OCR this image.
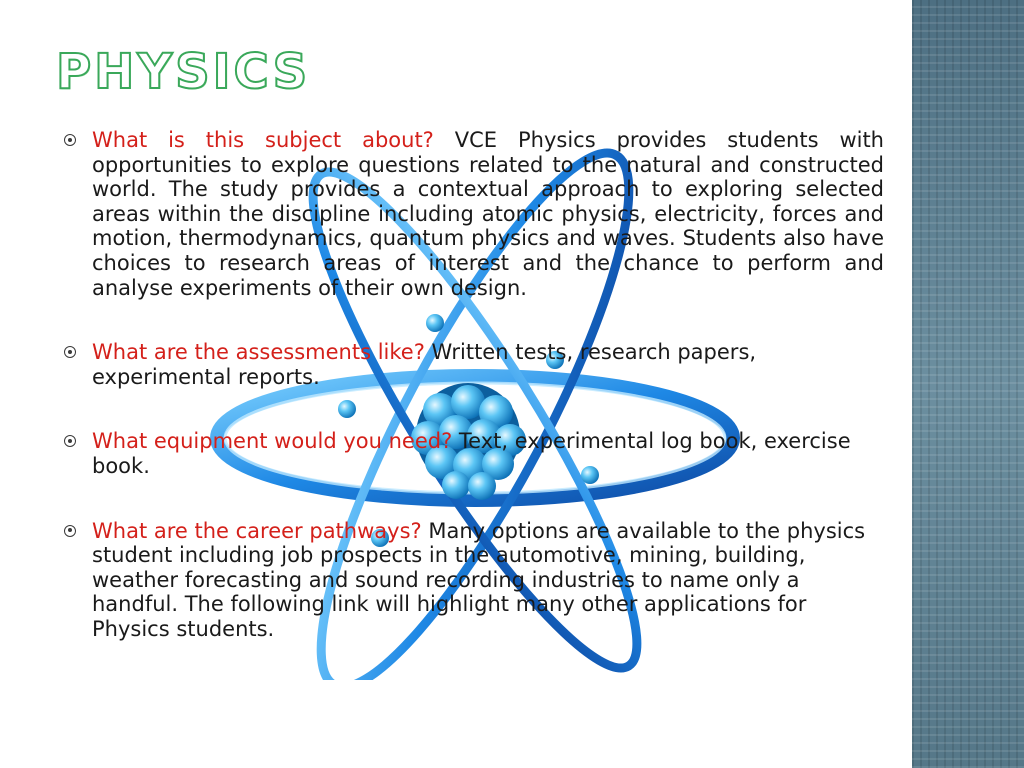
PHYSICS
What is this subject about? VCE Physics provides students with opportunities to explore questions related to the natural and constructed world. The study provides a contextual approach to exploring selected areas within the discipline including atomic physics, electricity, forces and motion, thermodynamics, quantum physics and waves. Students also have choices to research areas of interest and the chance to perform and analyse experiments of their own design.
What are the assessments like? Written tests, research papers, experimental reports.
What equipment would you need? Text, experimental log book, exercise book.
What are the career pathways? Many options are available to the physics student including job prospects in the automotive, mining, building, weather forecasting and sound recording industries to name only a handful. The following link will highlight many other applications for Physics students.
